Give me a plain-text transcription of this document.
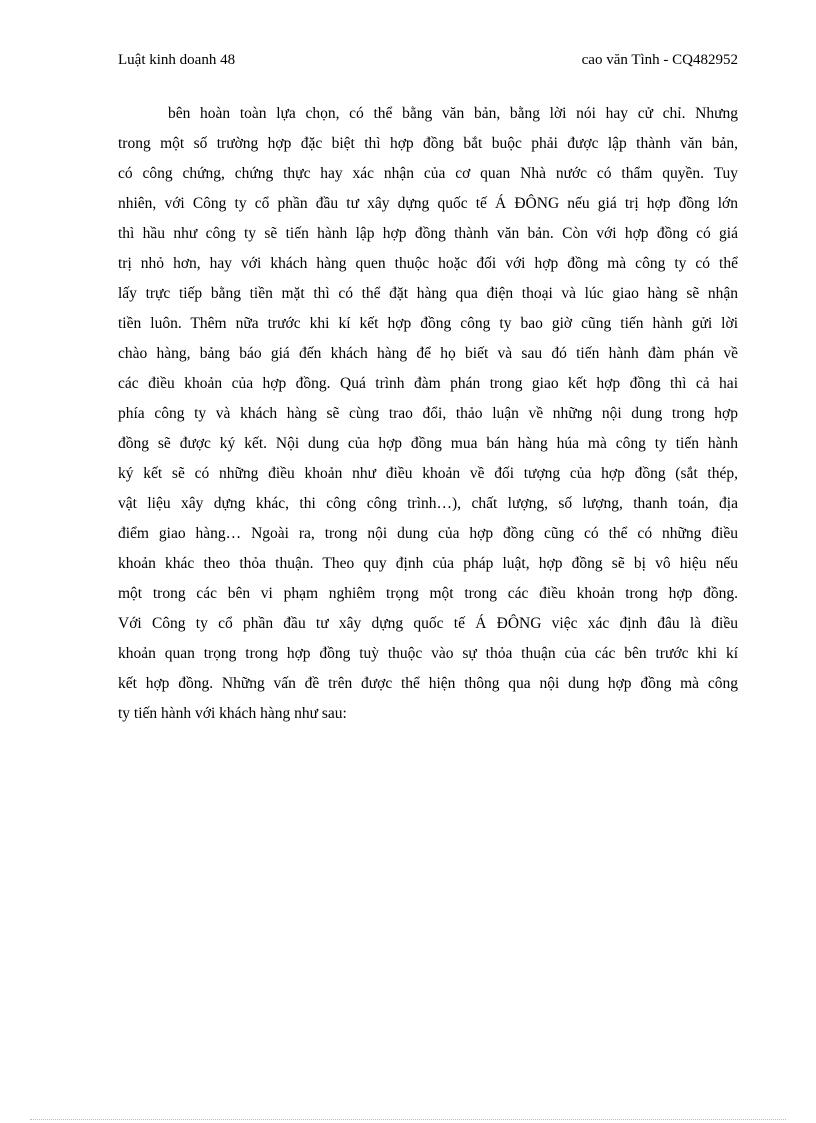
Luật kinh doanh 48	cao văn Tình - CQ482952
bên hoàn toàn lựa chọn, có thể bằng văn bản, bằng lời nói hay cử chỉ. Nhưng
trong một số trường hợp đặc biệt thì hợp đồng bắt buộc phải được lập thành văn bản,
có công chứng, chứng thực hay xác nhận của cơ quan Nhà nước có thẩm quyền. Tuy
nhiên, với Công ty cổ phần đầu tư xây dựng quốc tế Á ĐÔNG nếu giá trị hợp đồng lớn
thì hầu như công ty sẽ tiến hành lập hợp đồng thành văn bản. Còn với hợp đồng có giá
trị nhỏ hơn, hay với khách hàng quen thuộc hoặc đối với hợp đồng mà công ty có thể
lấy trực tiếp bằng tiền mặt thì có thể đặt hàng qua điện thoại và lúc giao hàng sẽ nhận
tiền luôn. Thêm nữa trước khi kí kết hợp đồng công ty bao giờ cũng tiến hành gửi lời
chào hàng, bảng báo giá đến khách hàng để họ biết và sau đó tiến hành đàm phán về
các điều khoản của hợp đồng. Quá trình đàm phán trong giao kết hợp đồng thì cả hai
phía công ty và khách hàng sẽ cùng trao đổi, thảo luận về những nội dung trong hợp
đồng sẽ được ký kết. Nội dung của hợp đồng mua bán hàng húa mà công ty tiến hành
ký kết sẽ có những điều khoản như điều khoản về đối tượng của hợp đồng (sắt thép,
vật liệu xây dựng khác, thi công công trình…), chất lượng, số lượng, thanh toán, địa
điểm giao hàng… Ngoài ra, trong nội dung của hợp đồng cũng có thể có những điều
khoản khác theo thỏa thuận. Theo quy định của pháp luật, hợp đồng sẽ bị vô hiệu nếu
một trong các bên vi phạm nghiêm trọng một trong các điều khoản trong hợp đồng.
Với Công ty cổ phần đầu tư xây dựng quốc tế Á ĐÔNG việc xác định đâu là điều
khoản quan trọng trong hợp đồng tuỳ thuộc vào sự thỏa thuận của các bên trước khi kí
kết hợp đồng. Những vấn đề trên được thể hiện thông qua nội dung hợp đồng mà công
ty tiến hành với khách hàng như sau:
